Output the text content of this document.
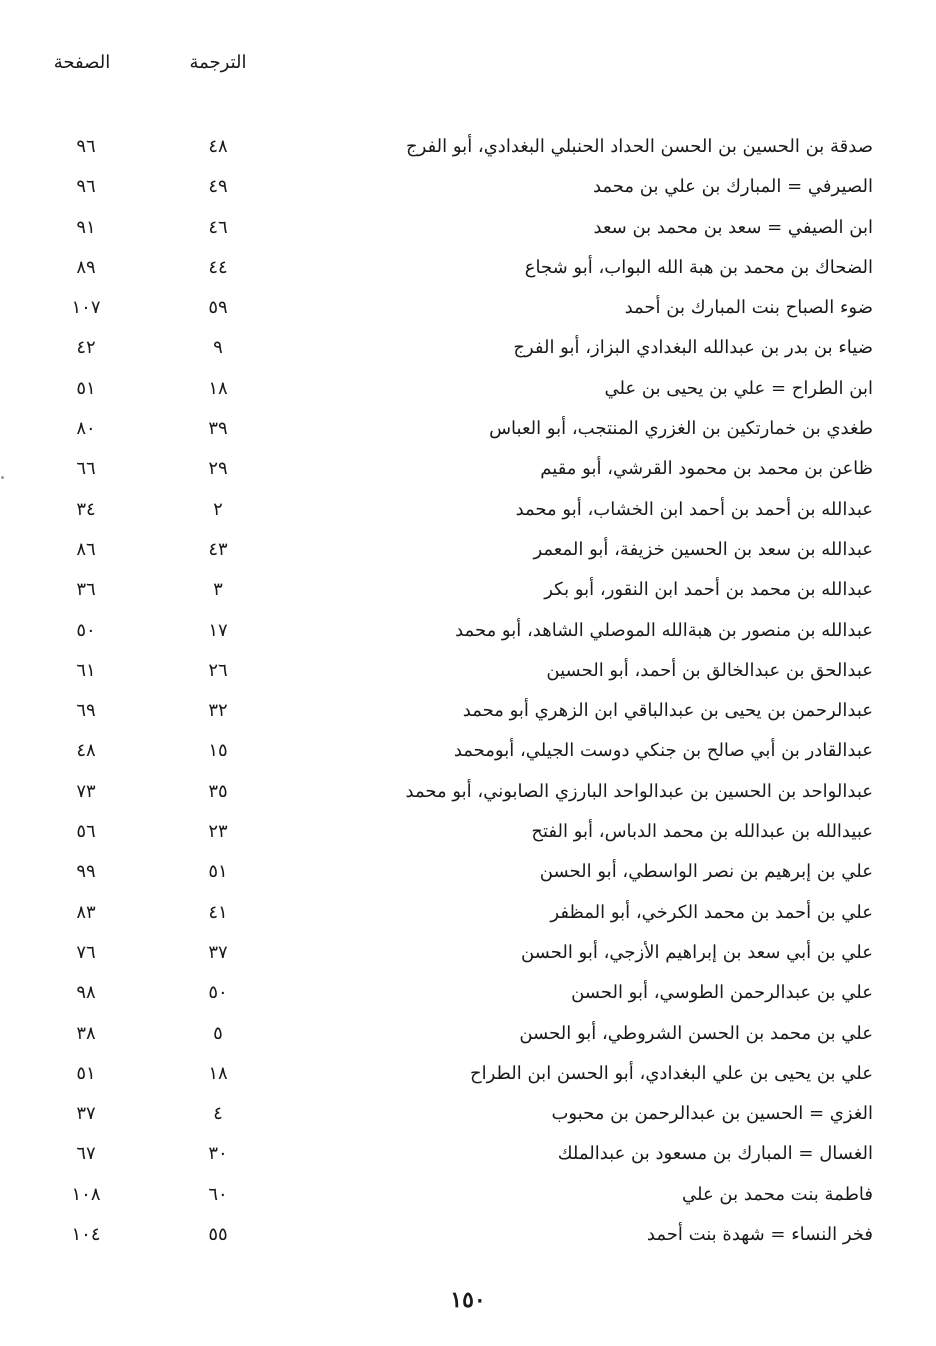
الترجمة
الصفحة
صدقة بن الحسين بن الحسن الحداد الحنبلي البغدادي، أبو الفرج
٤٨
٩٦
الصيرفي = المبارك بن علي بن محمد
٤٩
٩٦
ابن الصيفي = سعد بن محمد بن سعد
٤٦
٩١
الضحاك بن محمد بن هبة الله البواب، أبو شجاع
٤٤
٨٩
ضوء الصباح بنت المبارك بن أحمد
٥٩
١٠٧
ضياء بن بدر بن عبدالله البغدادي البزاز، أبو الفرج
٩
٤٢
ابن الطراح = علي بن يحيى بن علي
١٨
٥١
طغدي بن خمارتكين بن الغزري المنتجب، أبو العباس
٣٩
٨٠
ظاعن بن محمد بن محمود القرشي، أبو مقيم
٢٩
٦٦
عبدالله بن أحمد بن أحمد ابن الخشاب، أبو محمد
٢
٣٤
عبدالله بن سعد بن الحسين خزيفة، أبو المعمر
٤٣
٨٦
عبدالله بن محمد بن أحمد ابن النقور، أبو بكر
٣
٣٦
عبدالله بن منصور بن هبةالله الموصلي الشاهد، أبو محمد
١٧
٥٠
عبدالحق بن عبدالخالق بن أحمد، أبو الحسين
٢٦
٦١
عبدالرحمن بن يحيى بن عبدالباقي ابن الزهري أبو محمد
٣٢
٦٩
عبدالقادر بن أبي صالح بن جنكي دوست الجيلي، أبومحمد
١٥
٤٨
عبدالواحد بن الحسين بن عبدالواحد البارزي الصابوني، أبو محمد
٣٥
٧٣
عبيدالله بن عبدالله بن محمد الدباس، أبو الفتح
٢٣
٥٦
علي بن إبرهيم بن نصر الواسطي، أبو الحسن
٥١
٩٩
علي بن أحمد بن محمد الكرخي، أبو المظفر
٤١
٨٣
علي بن أبي سعد بن إبراهيم الأزجي، أبو الحسن
٣٧
٧٦
علي بن عبدالرحمن الطوسي، أبو الحسن
٥٠
٩٨
علي بن محمد بن الحسن الشروطي، أبو الحسن
٥
٣٨
علي بن يحيى بن علي البغدادي، أبو الحسن ابن الطراح
١٨
٥١
الغزي = الحسين بن عبدالرحمن بن محبوب
٤
٣٧
الغسال = المبارك بن مسعود بن عبدالملك
٣٠
٦٧
فاطمة بنت محمد بن علي
٦٠
١٠٨
فخر النساء = شهدة بنت أحمد
٥٥
١٠٤
١٥٠
